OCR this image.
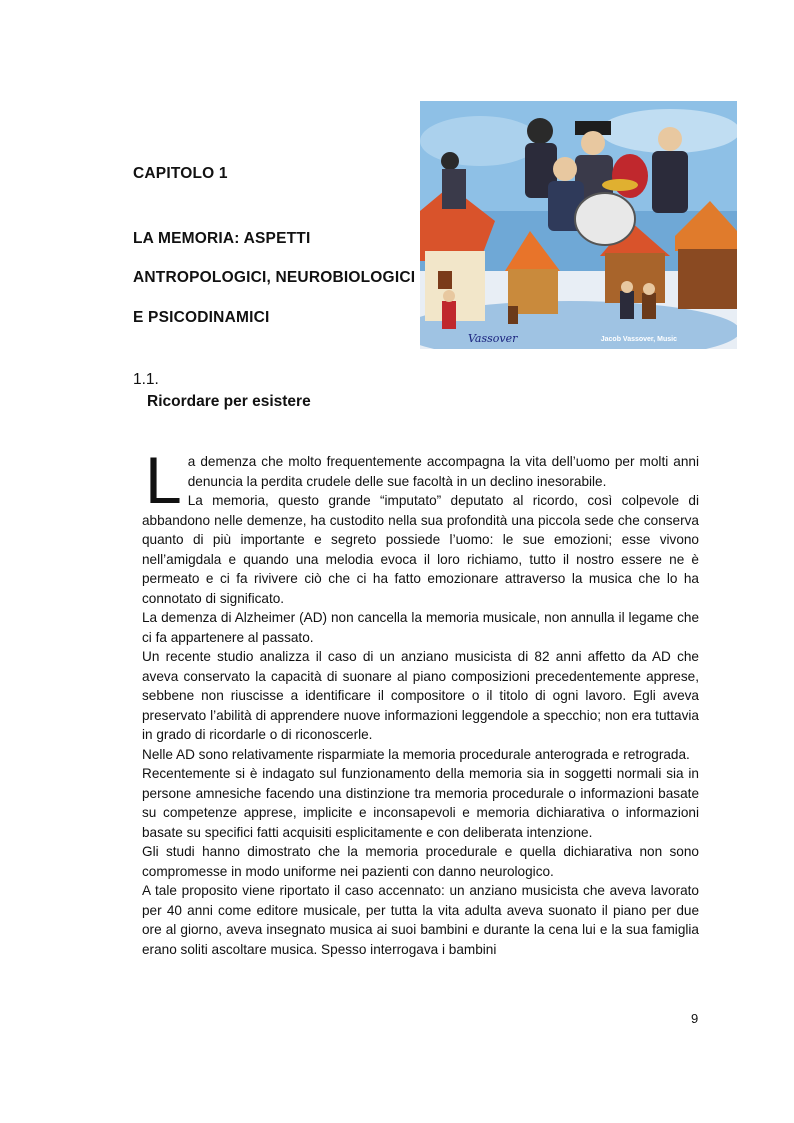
CAPITOLO 1
LA MEMORIA: ASPETTI
ANTROPOLOGICI, NEUROBIOLOGICI
E PSICODINAMICI
Vassover	Jacob Vassover, Music
1.1.
Ricordare per esistere
L a demenza che molto frequentemente accompagna la vita dell’uomo per molti anni denuncia la perdita crudele delle sue facoltà in un declino inesorabile.

La memoria, questo grande “imputato” deputato al ricordo, così colpevole di abbandono nelle demenze, ha custodito nella sua profondità una piccola sede che conserva quanto di più importante e segreto possiede l’uomo: le sue emozioni; esse vivono nell’amigdala e quando una melodia evoca il loro richiamo, tutto il nostro essere ne è permeato e ci fa rivivere ciò che ci ha fatto emozionare attraverso la musica che lo ha connotato di significato.

La demenza di Alzheimer (AD) non cancella la memoria musicale, non annulla il legame che ci fa appartenere al passato.

Un recente studio analizza il caso di un anziano musicista di 82 anni affetto da AD che aveva conservato la capacità di suonare al piano composizioni precedentemente apprese, sebbene non riuscisse a identificare il compositore o il titolo di ogni lavoro. Egli aveva preservato l’abilità di apprendere nuove informazioni leggendole a specchio; non era tuttavia in grado di ricordarle o di riconoscerle.

Nelle AD sono relativamente risparmiate la memoria procedurale anterograda e retrograda.

Recentemente si è indagato sul funzionamento della memoria sia in soggetti normali sia in persone amnesiche facendo una distinzione tra memoria procedurale o informazioni basate su competenze apprese, implicite e inconsapevoli e memoria dichiarativa o informazioni basate su specifici fatti acquisiti esplicitamente e con deliberata intenzione.

Gli studi hanno dimostrato che la memoria procedurale e quella dichiarativa non sono compromesse in modo uniforme nei pazienti con danno neurologico.

A tale proposito viene riportato il caso accennato: un anziano musicista che aveva lavorato per 40 anni come editore musicale, per tutta la vita adulta aveva suonato il piano per due ore al giorno, aveva insegnato musica ai suoi bambini e durante la cena lui e la sua famiglia erano soliti ascoltare musica. Spesso interrogava i bambini

9
